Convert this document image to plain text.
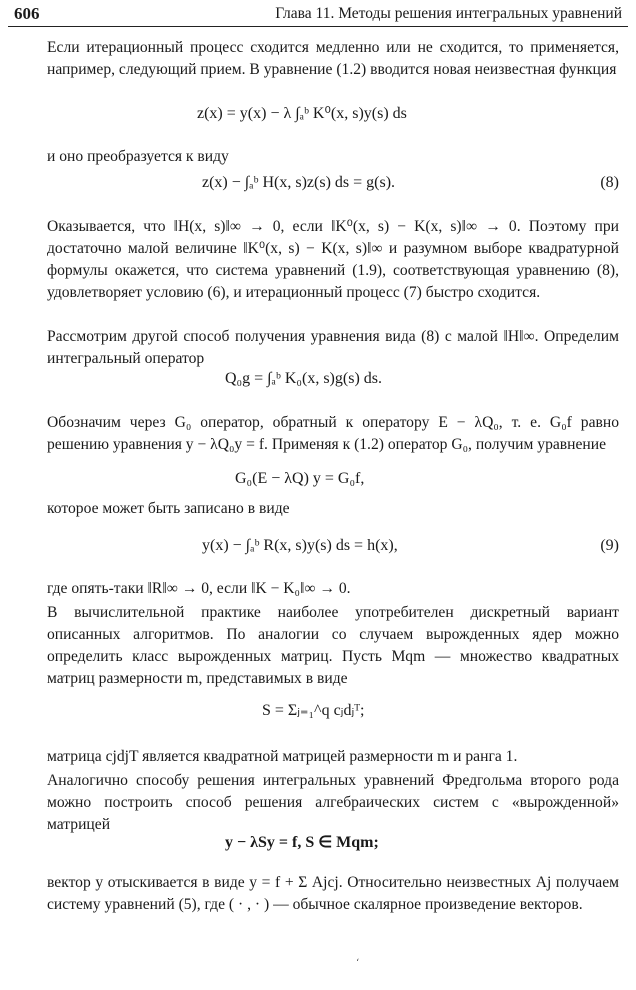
606	Глава 11. Методы решения интегральных уравнений
Если итерационный процесс сходится медленно или не сходится, то применяется, например, следующий прием. В уравнение (1.2) вводится новая неизвестная функция
z(x) = y(x) − λ ∫ₐᵇ K⁰(x, s)y(s) ds
и оно преобразуется к виду
z(x) − ∫ₐᵇ H(x, s)z(s) ds = g(s).	(8)
Оказывается, что ‖H(x, s)‖∞ → 0, если ‖K⁰(x, s) − K(x, s)‖∞ → 0. Поэтому при достаточно малой величине ‖K⁰(x, s) − K(x, s)‖∞ и разумном выборе квадратурной формулы окажется, что система уравнений (1.9), соответствующая уравнению (8), удовлетворяет условию (6), и итерационный процесс (7) быстро сходится.
Рассмотрим другой способ получения уравнения вида (8) с малой ‖H‖∞. Определим интегральный оператор
Q₀g = ∫ₐᵇ K₀(x, s)g(s) ds.
Обозначим через G₀ оператор, обратный к оператору E − λQ₀, т. е. G₀f равно решению уравнения y − λQ₀y = f. Применяя к (1.2) оператор G₀, получим уравнение
G₀(E − λQ) y = G₀f,
которое может быть записано в виде
y(x) − ∫ₐᵇ R(x, s)y(s) ds = h(x),	(9)
где опять-таки ‖R‖∞ → 0, если ‖K − K₀‖∞ → 0.
В вычислительной практике наиболее употребителен дискретный вариант описанных алгоритмов. По аналогии со случаем вырожденных ядер можно определить класс вырожденных матриц. Пусть Mqm — множество квадратных матриц размерности m, представимых в виде
S = Σⱼ₌₁^q cⱼdⱼᵀ;
матрица cjdjT является квадратной матрицей размерности m и ранга 1.
Аналогично способу решения интегральных уравнений Фредгольма второго рода можно построить способ решения алгебраических систем с «вырожденной» матрицей
y − λSy = f, S ∈ Mqm;
вектор y отыскивается в виде y = f + Σ Ajcj. Относительно неизвестных Aj получаем систему уравнений (5), где ( · , · ) — обычное скалярное произведение векторов.
‘
